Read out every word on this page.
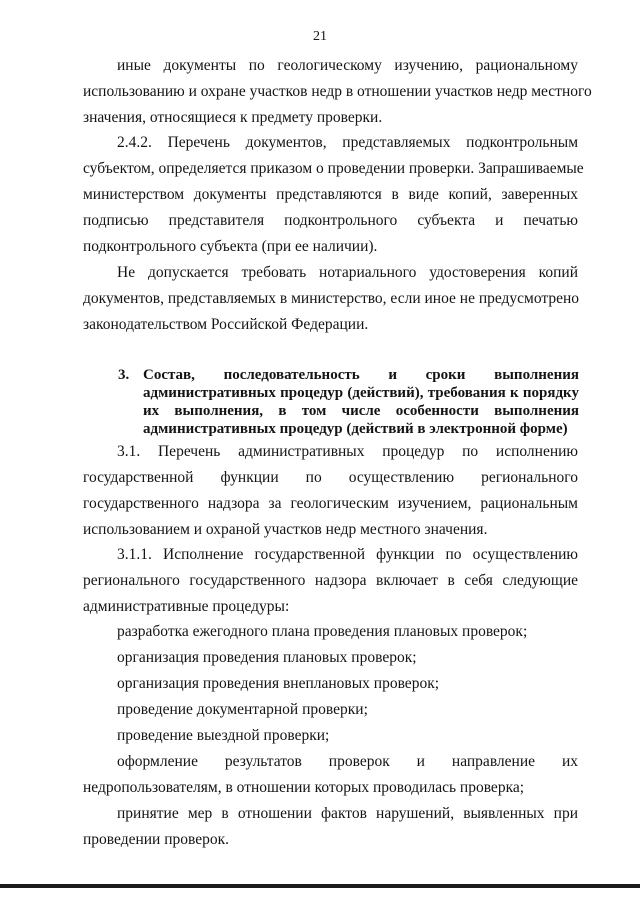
21
иные документы по геологическому изучению, рациональному
использованию и охране участков недр в отношении участков недр местного
значения, относящиеся к предмету проверки.
2.4.2. Перечень документов, представляемых подконтрольным
субъектом, определяется приказом о проведении проверки. Запрашиваемые
министерством документы представляются в виде копий, заверенных
подписью представителя подконтрольного субъекта и печатью
подконтрольного субъекта (при ее наличии).
Не допускается требовать нотариального удостоверения копий
документов, представляемых в министерство, если иное не предусмотрено
законодательством Российской Федерации.
3. Состав, последовательность и сроки выполнения
административных процедур (действий), требования к порядку
их выполнения, в том числе особенности выполнения
административных процедур (действий в электронной форме)
3.1. Перечень административных процедур по исполнению
государственной функции по осуществлению регионального
государственного надзора за геологическим изучением, рациональным
использованием и охраной участков недр местного значения.
3.1.1. Исполнение государственной функции по осуществлению
регионального государственного надзора включает в себя следующие
административные процедуры:
разработка ежегодного плана проведения плановых проверок;
организация проведения плановых проверок;
организация проведения внеплановых проверок;
проведение документарной проверки;
проведение выездной проверки;
оформление результатов проверок и направление их
недропользователям, в отношении которых проводилась проверка;
принятие мер в отношении фактов нарушений, выявленных при
проведении проверок.
